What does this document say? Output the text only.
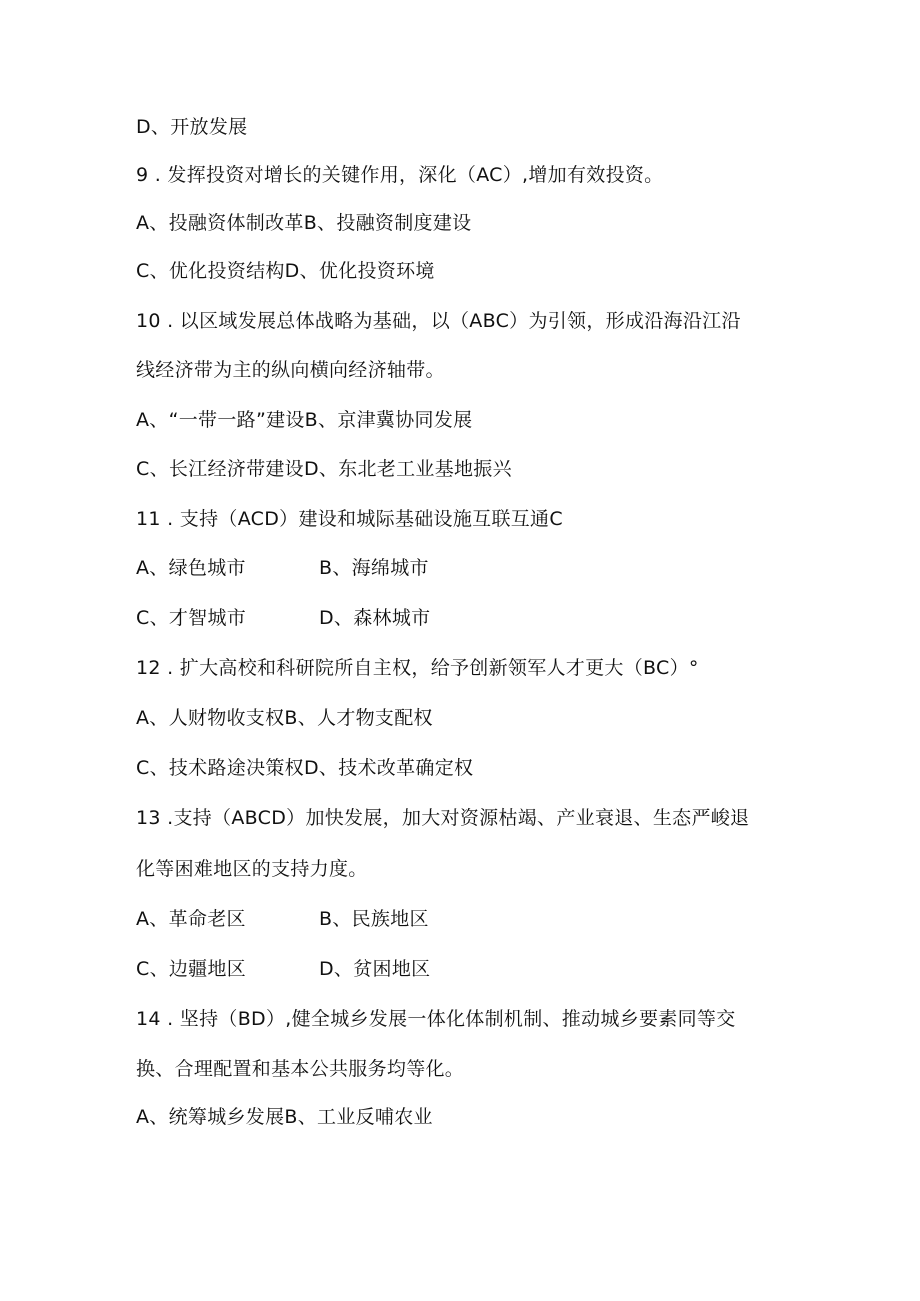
D、开放发展
9 . 发挥投资对增长的关键作用，深化（AC）,增加有效投资。
A、投融资体制改革B、投融资制度建设
C、优化投资结构D、优化投资环境
10 . 以区域发展总体战略为基础，以（ABC）为引领，形成沿海沿江沿
线经济带为主的纵向横向经济轴带。
A、“一带一路”建设B、京津冀协同发展
C、长江经济带建设D、东北老工业基地振兴
11 . 支持（ACD）建设和城际基础设施互联互通C
A、绿色城市	B、海绵城市
C、才智城市	D、森林城市
12 . 扩大高校和科研院所自主权，给予创新领军人才更大（BC）°
A、人财物收支权B、人才物支配权
C、技术路途决策权D、技术改革确定权
13 .支持（ABCD）加快发展，加大对资源枯竭、产业衰退、生态严峻退
化等困难地区的支持力度。
A、革命老区	B、民族地区
C、边疆地区	D、贫困地区
14 . 坚持（BD）,健全城乡发展一体化体制机制、推动城乡要素同等交
换、合理配置和基本公共服务均等化。
A、统筹城乡发展B、工业反哺农业
